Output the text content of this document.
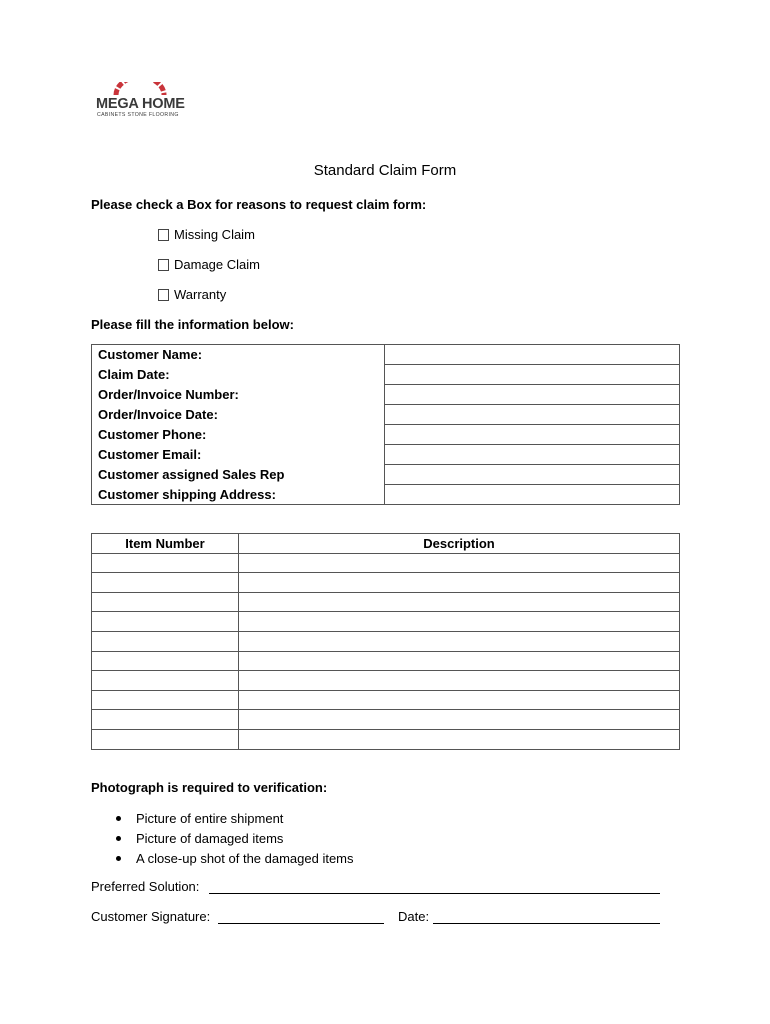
MEGA HOME
CABINETS STONE FLOORING
Standard Claim Form
Please check a Box for reasons to request claim form:
Missing Claim
Damage Claim
Warranty
Please fill the information below:
Customer Name:	
Claim Date:	
Order/Invoice Number:	
Order/Invoice Date:	
Customer Phone:	
Customer Email:	
Customer assigned Sales Rep	
Customer shipping Address:	
Item Number	Description

Photograph is required to verification:
Picture of entire shipment
Picture of damaged items
A close-up shot of the damaged items
Preferred Solution:
Customer Signature:	Date:
